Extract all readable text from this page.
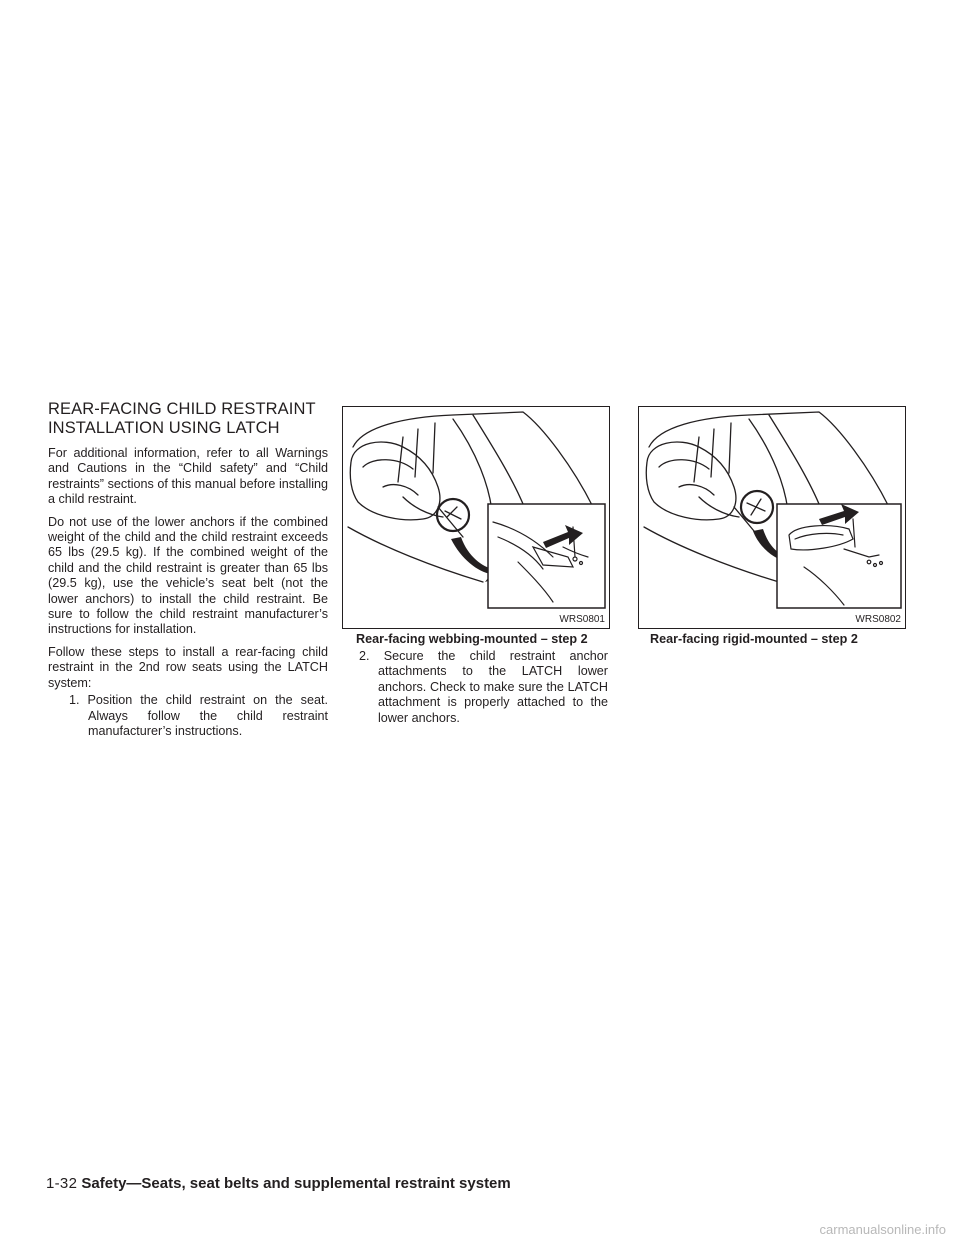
REAR-FACING CHILD RESTRAINT
INSTALLATION USING LATCH

For additional information, refer to all Warnings and Cautions in the “Child safety” and “Child restraints” sections of this manual before installing a child restraint.

Do not use of the lower anchors if the combined weight of the child and the child restraint exceeds 65 lbs (29.5 kg). If the combined weight of the child and the child restraint is greater than 65 lbs (29.5 kg), use the vehicle’s seat belt (not the lower anchors) to install the child restraint. Be sure to follow the child restraint manufacturer’s instructions for installation.

Follow these steps to install a rear-facing child restraint in the 2nd row seats using the LATCH system:

1. Position the child restraint on the seat. Always follow the child restraint manufacturer’s instructions.

WRS0801
Rear-facing webbing-mounted – step 2
WRS0802
Rear-facing rigid-mounted – step 2

2. Secure the child restraint anchor attachments to the LATCH lower anchors. Check to make sure the LATCH attachment is properly attached to the lower anchors.

1-32 Safety—Seats, seat belts and supplemental restraint system
carmanualsonline.info
